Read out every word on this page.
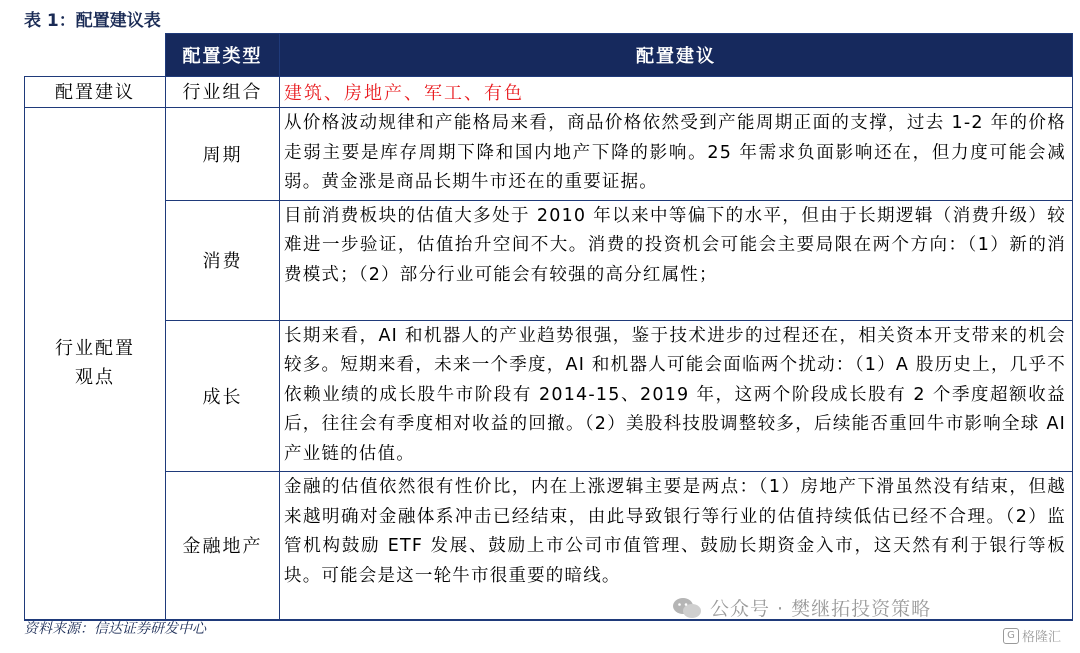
表 1：配置建议表
	配置类型	配置建议
配置建议	行业组合	建筑、房地产、军工、有色

行业配置观点	周期	从价格波动规律和产能格局来看，商品价格依然受到产能周期正面的支撑，过去 1-2 年的价格走弱主要是库存周期下降和国内地产下降的影响。25 年需求负面影响还在，但力度可能会减弱。黄金涨是商品长期牛市还在的重要证据。
	消费	目前消费板块的估值大多处于 2010 年以来中等偏下的水平，但由于长期逻辑（消费升级）较难进一步验证，估值抬升空间不大。消费的投资机会可能会主要局限在两个方向：（1）新的消费模式；（2）部分行业可能会有较强的高分红属性；
	成长	长期来看，AI 和机器人的产业趋势很强，鉴于技术进步的过程还在，相关资本开支带来的机会较多。短期来看，未来一个季度，AI 和机器人可能会面临两个扰动：（1）A 股历史上，几乎不依赖业绩的成长股牛市阶段有 2014-15、2019 年，这两个阶段成长股有 2 个季度超额收益后，往往会有季度相对收益的回撤。（2）美股科技股调整较多，后续能否重回牛市影响全球 AI 产业链的估值。
	金融地产	金融的估值依然很有性价比，内在上涨逻辑主要是两点：（1）房地产下滑虽然没有结束，但越来越明确对金融体系冲击已经结束，由此导致银行等行业的估值持续低估已经不合理。（2）监管机构鼓励 ETF 发展、鼓励上市公司市值管理、鼓励长期资金入市，这天然有利于银行等板块。可能会是这一轮牛市很重要的暗线。
资料来源：信达证券研发中心
公众号 · 樊继拓投资策略
G 格隆汇
